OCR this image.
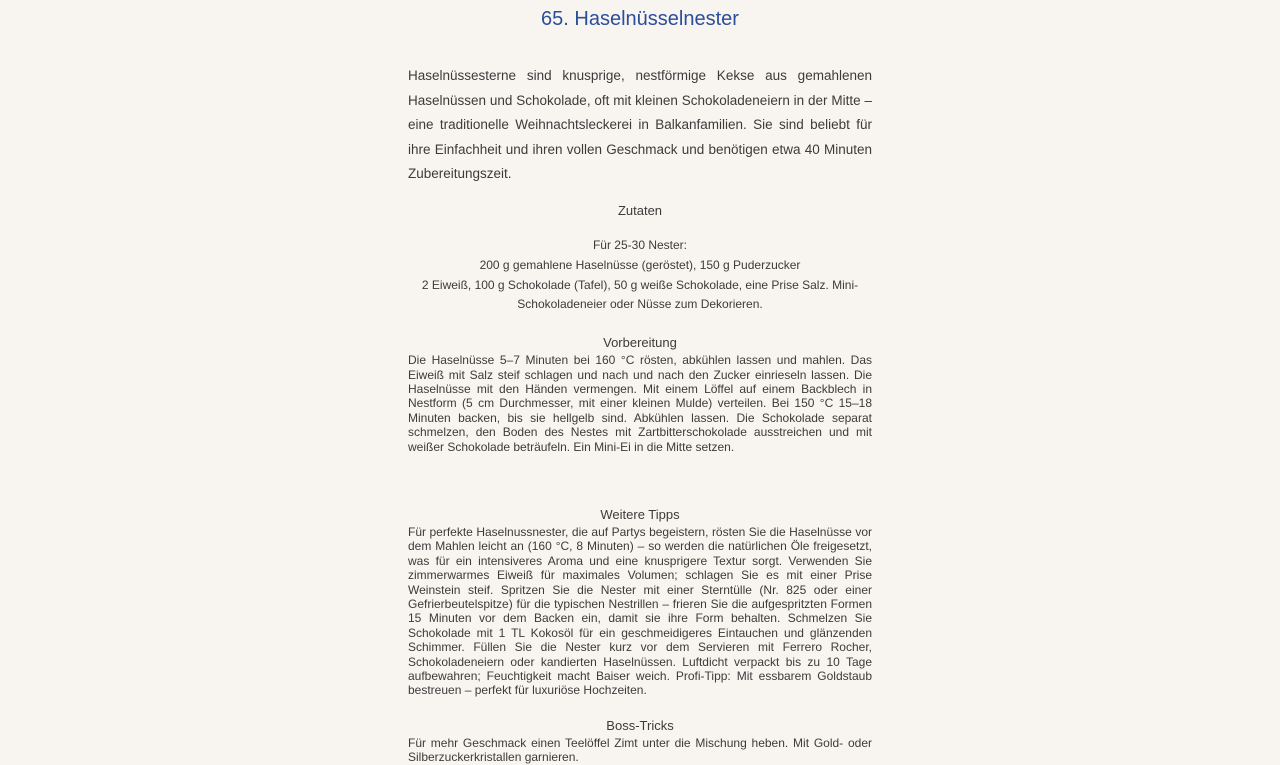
65. Haselnüsselnester

Haselnüssesterne sind knusprige, nestförmige Kekse aus gemahlenen Haselnüssen und Schokolade, oft mit kleinen Schokoladeneiern in der Mitte – eine traditionelle Weihnachtsleckerei in Balkanfamilien. Sie sind beliebt für ihre Einfachheit und ihren vollen Geschmack und benötigen etwa 40 Minuten Zubereitungszeit.

Zutaten
Für 25-30 Nester:
200 g gemahlene Haselnüsse (geröstet), 150 g Puderzucker
2 Eiweiß, 100 g Schokolade (Tafel), 50 g weiße Schokolade, eine Prise Salz. Mini-Schokoladeneier oder Nüsse zum Dekorieren.
Vorbereitung

Die Haselnüsse 5–7 Minuten bei 160 °C rösten, abkühlen lassen und mahlen. Das Eiweiß mit Salz steif schlagen und nach und nach den Zucker einrieseln lassen. Die Haselnüsse mit den Händen vermengen. Mit einem Löffel auf einem Backblech in Nestform (5 cm Durchmesser, mit einer kleinen Mulde) verteilen. Bei 150 °C 15–18 Minuten backen, bis sie hellgelb sind. Abkühlen lassen. Die Schokolade separat schmelzen, den Boden des Nestes mit Zartbitterschokolade ausstreichen und mit weißer Schokolade beträufeln. Ein Mini-Ei in die Mitte setzen.

Weitere Tipps

Für perfekte Haselnussnester, die auf Partys begeistern, rösten Sie die Haselnüsse vor dem Mahlen leicht an (160 °C, 8 Minuten) – so werden die natürlichen Öle freigesetzt, was für ein intensiveres Aroma und eine knusprigere Textur sorgt. Verwenden Sie zimmerwarmes Eiweiß für maximales Volumen; schlagen Sie es mit einer Prise Weinstein steif. Spritzen Sie die Nester mit einer Sterntülle (Nr. 825 oder einer Gefrierbeutelspitze) für die typischen Nestrillen – frieren Sie die aufgespritzten Formen 15 Minuten vor dem Backen ein, damit sie ihre Form behalten. Schmelzen Sie Schokolade mit 1 TL Kokosöl für ein geschmeidigeres Eintauchen und glänzenden Schimmer. Füllen Sie die Nester kurz vor dem Servieren mit Ferrero Rocher, Schokoladeneiern oder kandierten Haselnüssen. Luftdicht verpackt bis zu 10 Tage aufbewahren; Feuchtigkeit macht Baiser weich. Profi-Tipp: Mit essbarem Goldstaub bestreuen – perfekt für luxuriöse Hochzeiten.

Boss-Tricks

Für mehr Geschmack einen Teelöffel Zimt unter die Mischung heben. Mit Gold- oder Silberzuckerkristallen garnieren.
